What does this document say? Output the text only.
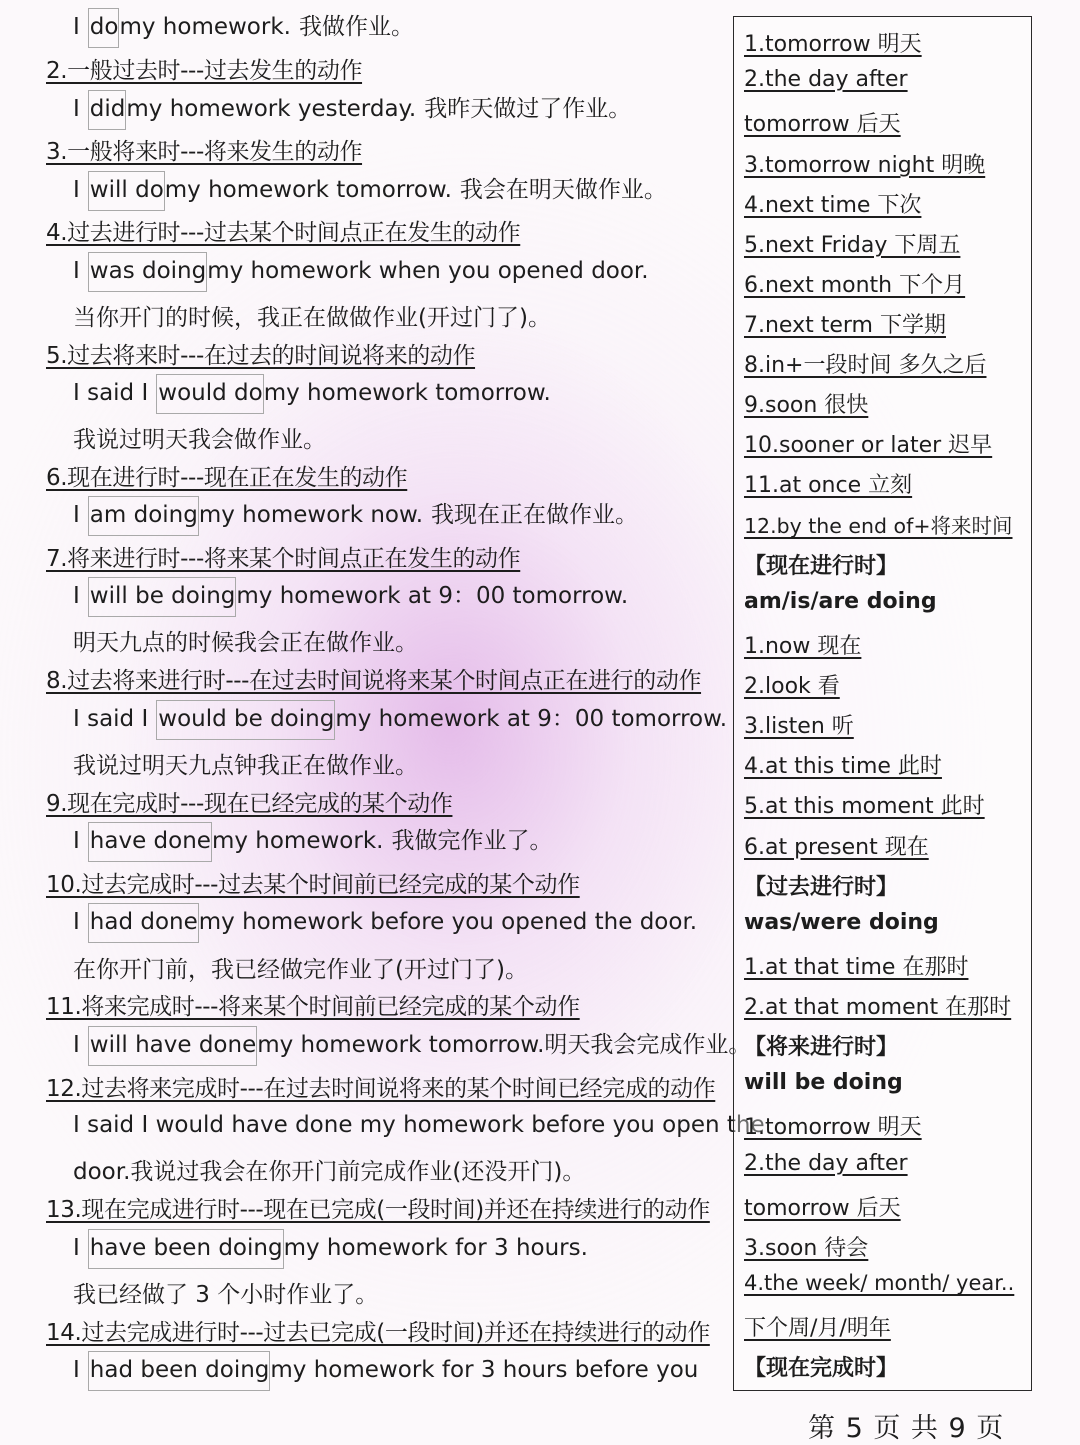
I domy homework. 我做作业。
2.一般过去时---过去发生的动作
I didmy homework yesterday. 我昨天做过了作业。
3.一般将来时---将来发生的动作
I will domy homework tomorrow. 我会在明天做作业。
4.过去进行时---过去某个时间点正在发生的动作
I was doingmy homework when you opened door.
当你开门的时候，我正在做做作业(开过门了)。
5.过去将来时---在过去的时间说将来的动作
I said I would domy homework tomorrow.
我说过明天我会做作业。
6.现在进行时---现在正在发生的动作
I am doingmy homework now. 我现在正在做作业。
7.将来进行时---将来某个时间点正在发生的动作
I will be doingmy homework at 9：00 tomorrow.
明天九点的时候我会正在做作业。
8.过去将来进行时---在过去时间说将来某个时间点正在进行的动作
I said I would be doingmy homework at 9：00 tomorrow.
我说过明天九点钟我正在做作业。
9.现在完成时---现在已经完成的某个动作
I have donemy homework. 我做完作业了。
10.过去完成时---过去某个时间前已经完成的某个动作
I had donemy homework before you opened the door.
在你开门前，我已经做完作业了(开过门了)。
11.将来完成时---将来某个时间前已经完成的某个动作
I will have donemy homework tomorrow.明天我会完成作业。
12.过去将来完成时---在过去时间说将来的某个时间已经完成的动作
I said I would have done my homework before you open the
door.我说过我会在你开门前完成作业(还没开门)。
13.现在完成进行时---现在已完成(一段时间)并还在持续进行的动作
I have been doingmy homework for 3 hours.
我已经做了 3 个小时作业了。
14.过去完成进行时---过去已完成(一段时间)并还在持续进行的动作
I had been doingmy homework for 3 hours before you
1.tomorrow 明天
2.the day after
tomorrow 后天
3.tomorrow night 明晚
4.next time 下次
5.next Friday 下周五
6.next month 下个月
7.next term 下学期
8.in+一段时间 多久之后
9.soon 很快
10.sooner or later 迟早
11.at once 立刻
12.by the end of+将来时间
【现在进行时】
am/is/are doing
1.now 现在
2.look 看
3.listen 听
4.at this time 此时
5.at this moment 此时
6.at present 现在
【过去进行时】
was/were doing
1.at that time 在那时
2.at that moment 在那时
【将来进行时】
will be doing
1.tomorrow 明天
2.the day after
tomorrow 后天
3.soon 待会
4.the week/ month/ year..
下个周/月/明年
【现在完成时】
第 5 页 共 9 页
